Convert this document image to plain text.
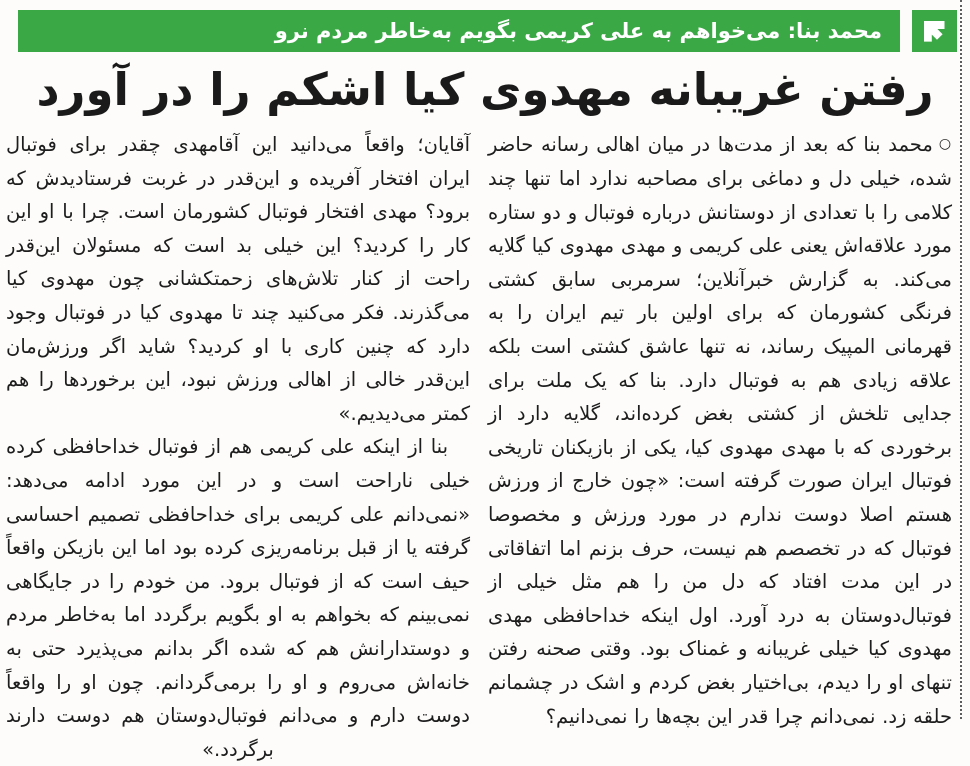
محمد بنا: می‌خواهم به علی کریمی بگویم به‌خاطر مردم نرو
رفتن غریبانه مهدوی کیا اشکم را در آورد

○ محمد بنا که بعد از مدت‌ها در میان اهالی رسانه حاضر شده، خیلی دل و دماغی برای مصاحبه ندارد اما تنها چند کلامی را با تعدادی از دوستانش درباره فوتبال و دو ستاره مورد علاقه‌اش یعنی علی کریمی و مهدی مهدوی کیا گلایه می‌کند. به گزارش خبرآنلاین؛ سرمربی سابق کشتی فرنگی کشورمان که برای اولین بار تیم ایران را به قهرمانی المپیک رساند، نه تنها عاشق کشتی است بلکه علاقه زیادی هم به فوتبال دارد. بنا که یک ملت برای جدایی تلخش از کشتی بغض کرده‌اند، گلایه دارد از برخوردی که با مهدی مهدوی کیا، یکی از بازیکنان تاریخی فوتبال ایران صورت گرفته است: «چون خارج از ورزش هستم اصلا دوست ندارم در مورد ورزش و مخصوصا فوتبال که در تخصصم هم نیست، حرف بزنم اما اتفاقاتی در این مدت افتاد که دل من را هم مثل خیلی از فوتبال‌دوستان به درد آورد. اول اینکه خداحافظی مهدی مهدوی کیا خیلی غریبانه و غمناک بود. وقتی صحنه رفتن تنهای او را دیدم، بی‌اختیار بغض کردم و اشک در چشمانم حلقه زد. نمی‌دانم چرا قدر این بچه‌ها را نمی‌دانیم؟

آقایان؛ واقعاً می‌دانید این آقامهدی چقدر برای فوتبال ایران افتخار آفریده و این‌قدر در غربت فرستادیدش که برود؟ مهدی افتخار فوتبال کشورمان است. چرا با او این کار را کردید؟ این خیلی بد است که مسئولان این‌قدر راحت از کنار تلاش‌های زحمتکشانی چون مهدوی کیا می‌گذرند. فکر می‌کنید چند تا مهدوی کیا در فوتبال وجود دارد که چنین کاری با او کردید؟ شاید اگر ورزش‌مان این‌قدر خالی از اهالی ورزش نبود، این برخوردها را هم کمتر می‌دیدیم.»

بنا از اینکه علی کریمی هم از فوتبال خداحافظی کرده خیلی ناراحت است و در این مورد ادامه می‌دهد: «نمی‌دانم علی کریمی برای خداحافظی تصمیم احساسی گرفته یا از قبل برنامه‌ریزی کرده بود اما این بازیکن واقعاً حیف است که از فوتبال برود. من خودم را در جایگاهی نمی‌بینم که بخواهم به او بگویم برگردد اما به‌خاطر مردم و دوستدارانش هم که شده اگر بدانم می‌پذیرد حتی به خانه‌اش می‌روم و او را برمی‌گردانم. چون او را واقعاً دوست دارم و می‌دانم فوتبال‌دوستان هم دوست دارند برگردد.»
